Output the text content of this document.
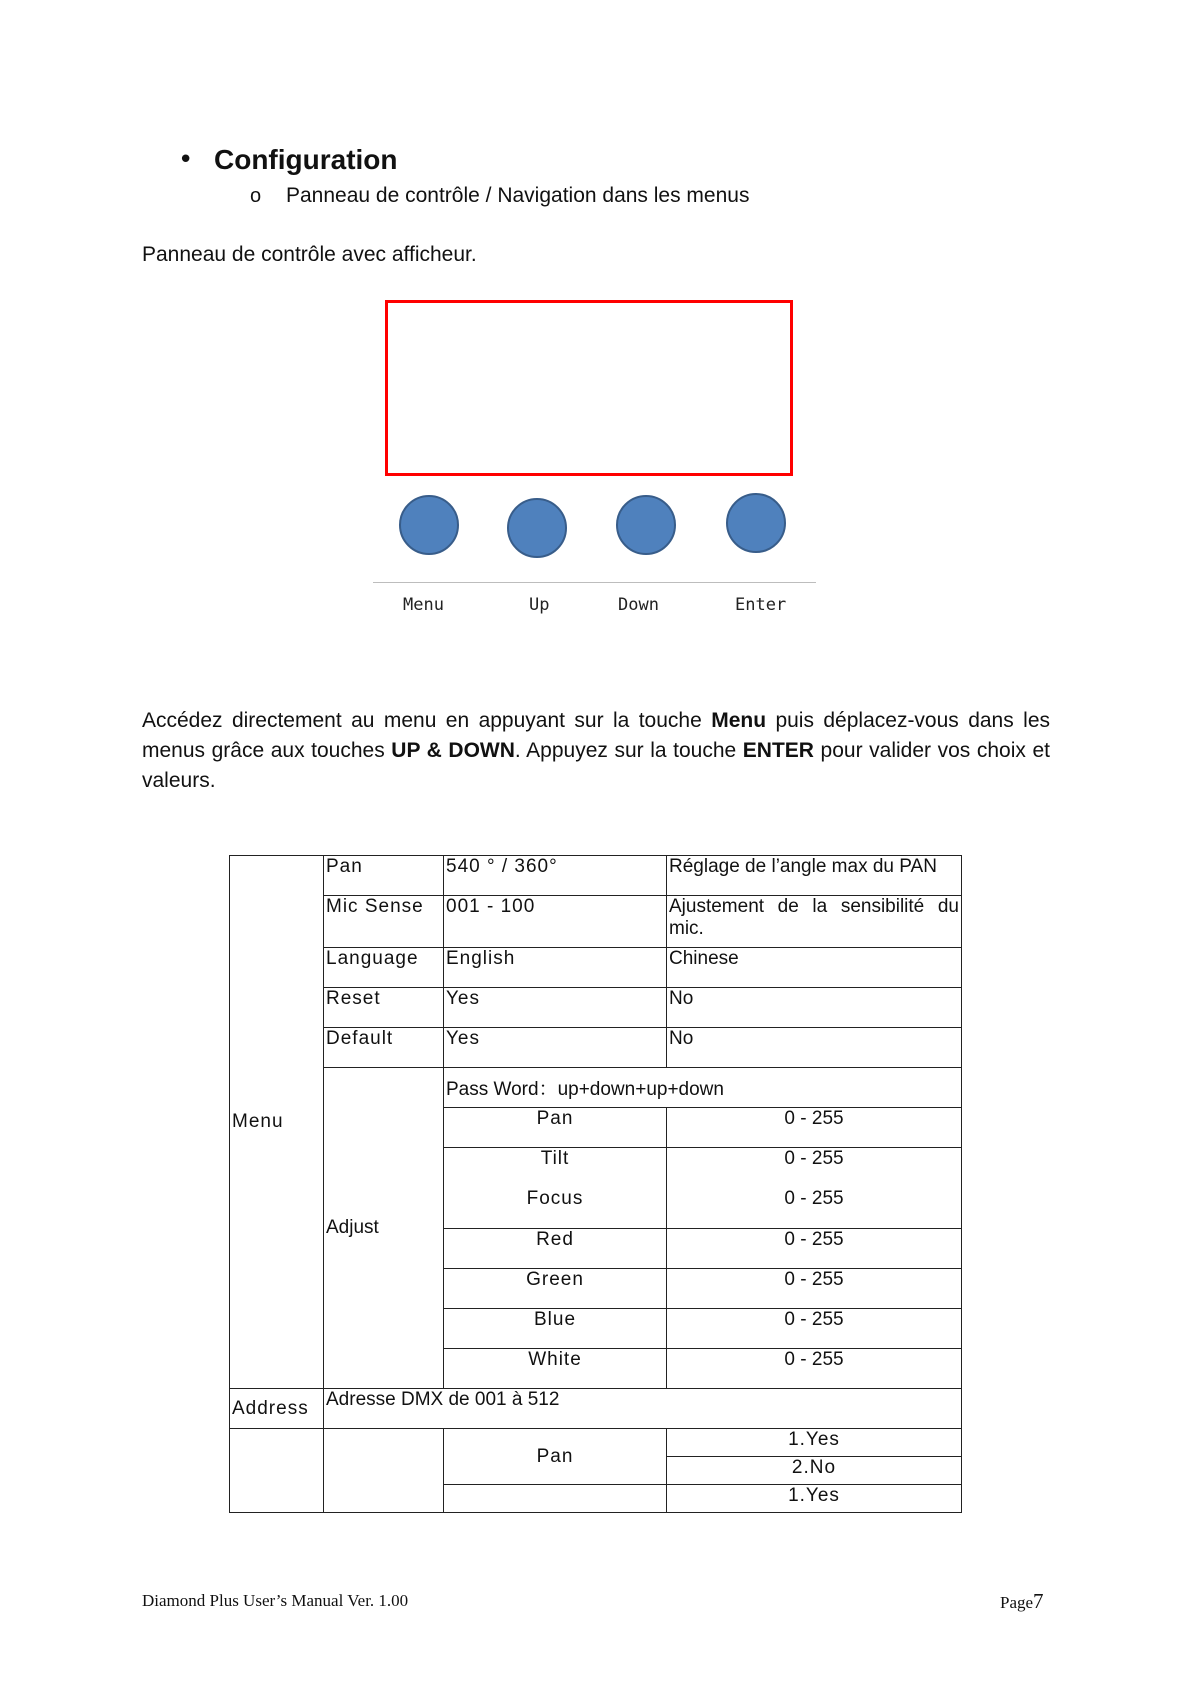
• Configuration
o	Panneau de contrôle / Navigation dans les menus
Panneau de contrôle avec afficheur.
Menu	Up	Down	Enter

Accédez directement au menu en appuyant sur la touche Menu puis déplacez-vous dans les menus grâce aux touches UP & DOWN. Appuyez sur la touche ENTER pour valider vos choix et valeurs.

Menu	Pan	540 ° / 360°	Réglage de l’angle max du PAN
	Mic Sense	001 - 100	Ajustement de la sensibilité du mic.
	Language	English	Chinese
	Reset	Yes	No
	Default	Yes	No
	Adjust	Pass Word：up+down+up+down	
		Pan	0 - 255
		Tilt	0 - 255
		Focus	0 - 255
		Red	0 - 255
		Green	0 - 255
		Blue	0 - 255
		White	0 - 255
Address	Adresse DMX de 001 à 512		
		Pan	1.Yes
			2.No
			1.Yes
Diamond Plus User’s Manual Ver. 1.00	Page7
